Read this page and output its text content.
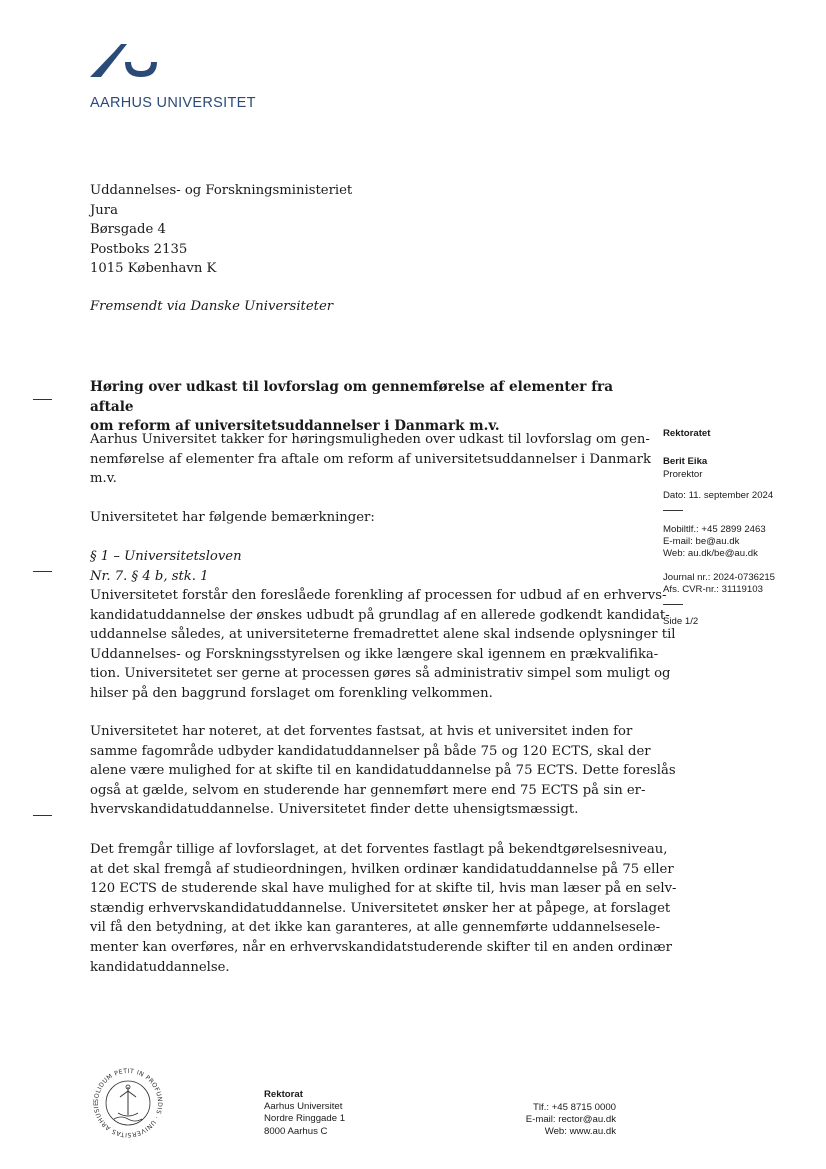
AARHUS UNIVERSITET
Uddannelses- og Forskningsministeriet
Jura
Børsgade 4
Postboks 2135
1015 København K
Fremsendt via Danske Universiteter
Høring over udkast til lovforslag om gennemførelse af elementer fra aftale
om reform af universitetsuddannelser i Danmark m.v.
Aarhus Universitet takker for høringsmuligheden over udkast til lovforslag om gen-
nemførelse af elementer fra aftale om reform af universitetsuddannelser i Danmark
m.v.
Universitetet har følgende bemærkninger:
§ 1 – Universitetsloven
Nr. 7. § 4 b, stk. 1
Universitetet forstår den foreslåede forenkling af processen for udbud af en erhvervs-
kandidatuddannelse der ønskes udbudt på grundlag af en allerede godkendt kandidat-
uddannelse således, at universiteterne fremadrettet alene skal indsende oplysninger til
Uddannelses- og Forskningsstyrelsen og ikke længere skal igennem en prækvalifika-
tion. Universitetet ser gerne at processen gøres så administrativ simpel som muligt og
hilser på den baggrund forslaget om forenkling velkommen.
Universitetet har noteret, at det forventes fastsat, at hvis et universitet inden for
samme fagområde udbyder kandidatuddannelser på både 75 og 120 ECTS, skal der
alene være mulighed for at skifte til en kandidatuddannelse på 75 ECTS. Dette foreslås
også at gælde, selvom en studerende har gennemført mere end 75 ECTS på sin er-
hvervskandidatuddannelse. Universitetet finder dette uhensigtsmæssigt.
Det fremgår tillige af lovforslaget, at det forventes fastlagt på bekendtgørelsesniveau,
at det skal fremgå af studieordningen, hvilken ordinær kandidatuddannelse på 75 eller
120 ECTS de studerende skal have mulighed for at skifte til, hvis man læser på en selv-
stændig erhvervskandidatuddannelse. Universitetet ønsker her at påpege, at forslaget
vil få den betydning, at det ikke kan garanteres, at alle gennemførte uddannelsesele-
menter kan overføres, når en erhvervskandidatstuderende skifter til en anden ordinær
kandidatuddannelse.
Rektoratet
Berit Eika
Prorektor
Dato: 11. september 2024
Mobiltlf.: +45 2899 2463
E-mail: be@au.dk
Web: au.dk/be@au.dk
Journal nr.: 2024-0736215
Afs. CVR-nr.: 31119103
Side 1/2
SOLIDUM PETIT IN PROFUNDIS · UNIVERSITAS ARHUSIE
Rektorat
Aarhus Universitet
Nordre Ringgade 1
8000 Aarhus C
Tlf.: +45 8715 0000
E-mail: rector@au.dk
Web: www.au.dk
